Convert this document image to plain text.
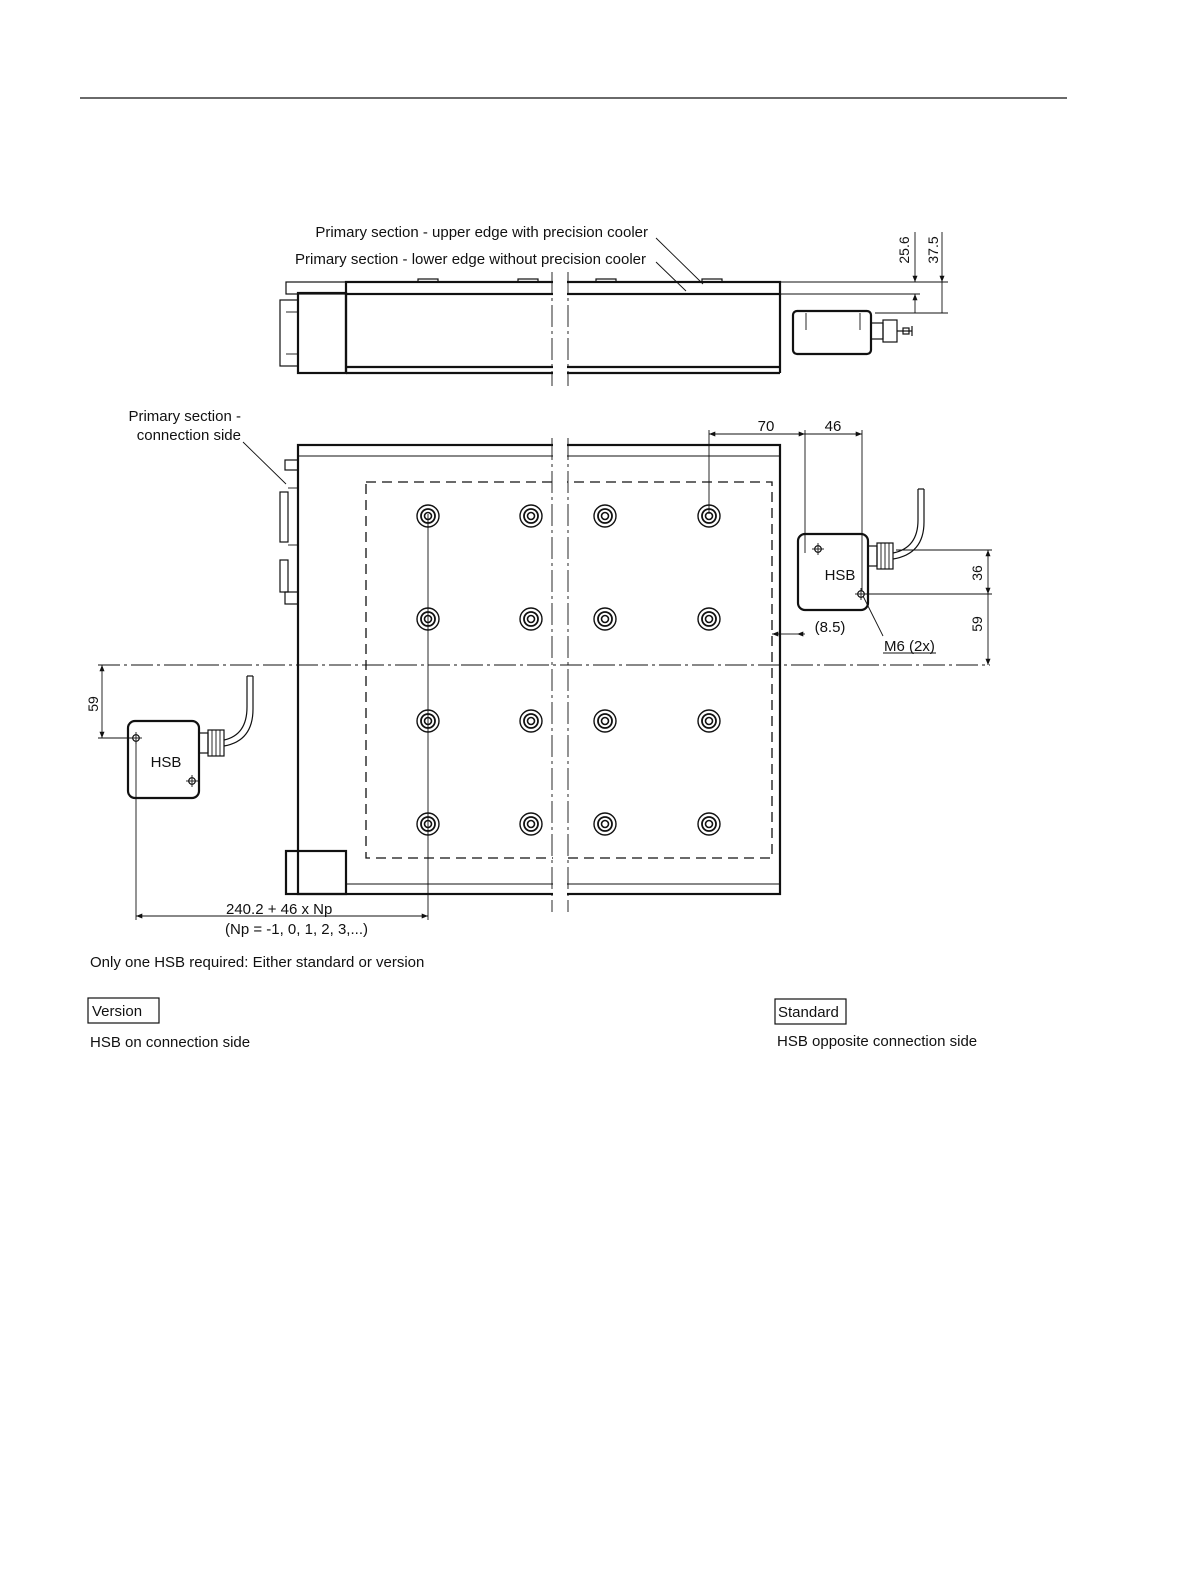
Primary section - upper edge with precision cooler
Primary section - lower edge without precision cooler	25.6 37.5
HSB
HSB
Primary section -
connection side
70	46
36
59
(8.5)
M6 (2x)
59
240.2 + 46 x Np
(Np = -1, 0, 1, 2, 3,...)
Only one HSB required: Either standard or version
Version
HSB on connection side
Standard
HSB opposite connection side
